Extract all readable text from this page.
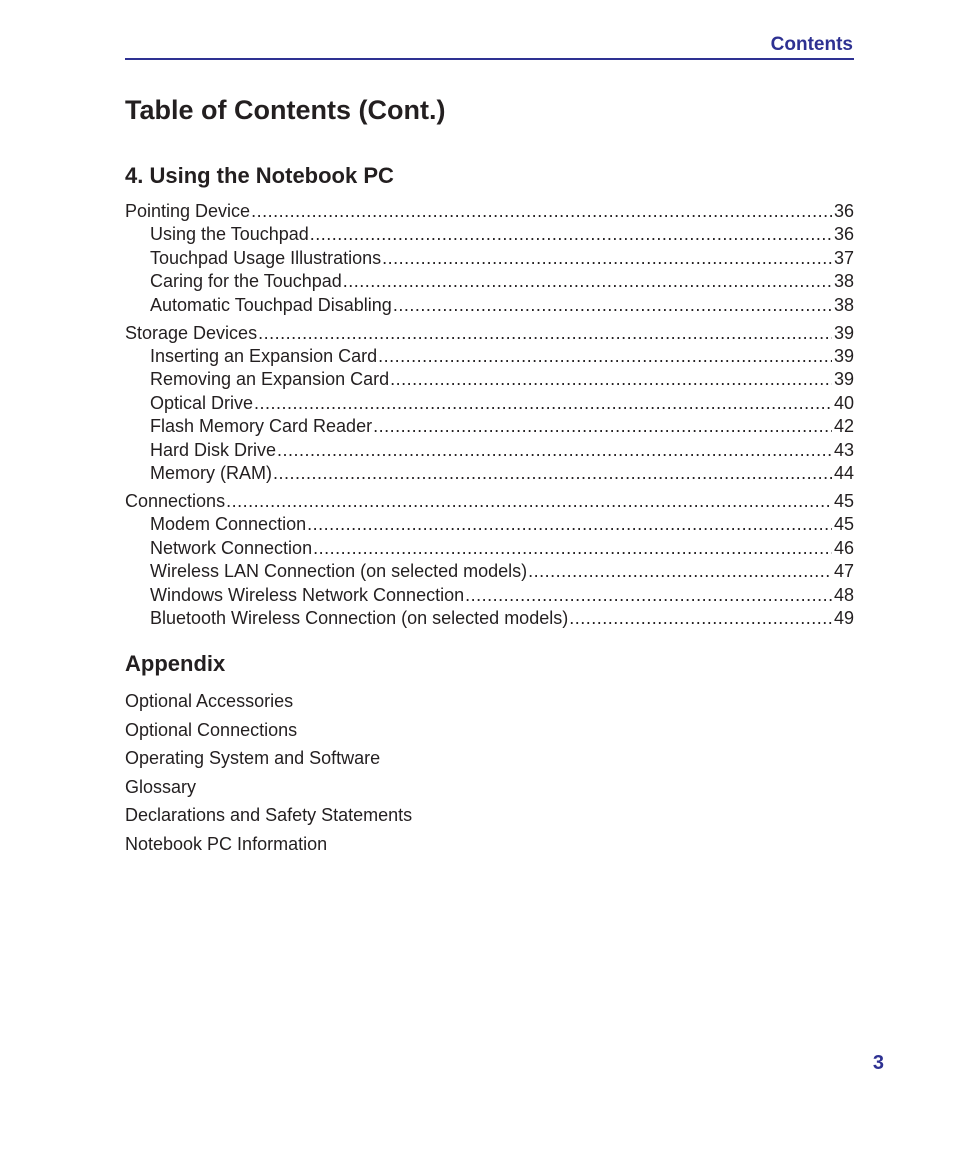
Contents
Table of Contents (Cont.)
4. Using the Notebook PC
Pointing Device .....	36
Using the Touchpad .....	36
Touchpad Usage Illustrations .....	37
Caring for the Touchpad .....	38
Automatic Touchpad Disabling .....	38
Storage Devices .....	39
Inserting an Expansion Card .....	39
Removing an Expansion Card .....	39
Optical Drive .....	40
Flash Memory Card Reader .....	42
Hard Disk Drive .....	43
Memory (RAM) .....	44
Connections .....	45
Modem Connection .....	45
Network Connection .....	46
Wireless LAN Connection (on selected models) .....	47
Windows Wireless Network Connection .....	48
Bluetooth Wireless Connection (on selected models) .....	49
Appendix
Optional Accessories
Optional Connections
Operating System and Software
Glossary
Declarations and Safety Statements
Notebook PC Information
3
